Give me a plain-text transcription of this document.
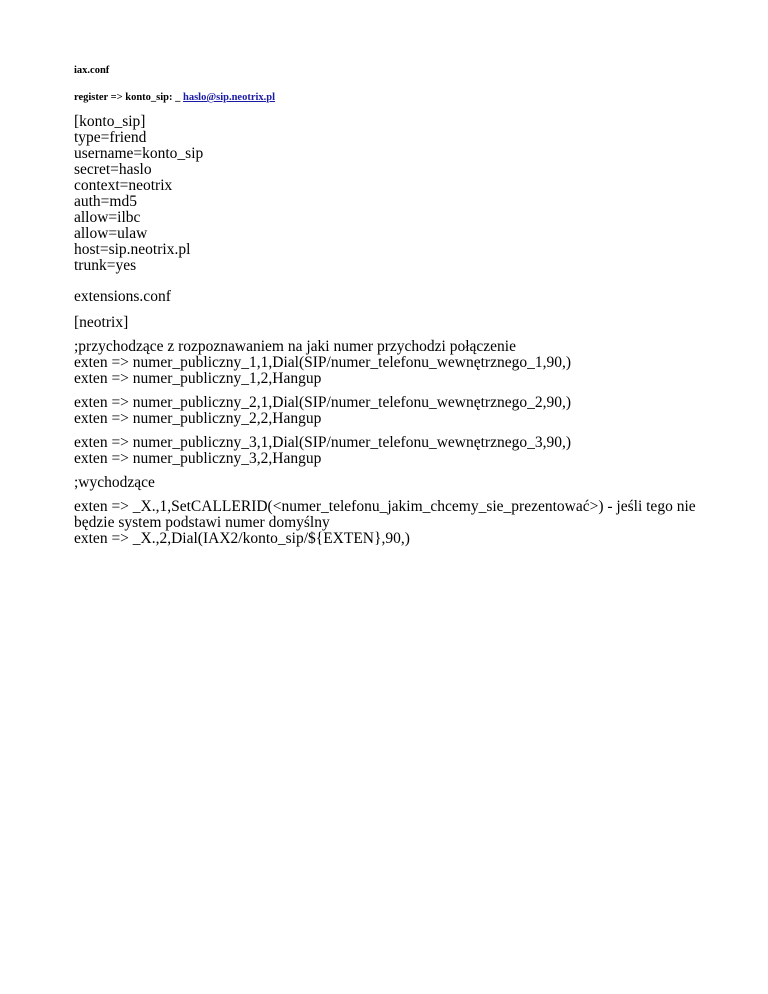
iax.conf

register => konto_sip: _ haslo@sip.neotrix.pl

[konto_sip]
type=friend
username=konto_sip
secret=haslo
context=neotrix
auth=md5
allow=ilbc
allow=ulaw
host=sip.neotrix.pl
trunk=yes
extensions.conf
[neotrix]
;przychodzące z rozpoznawaniem na jaki numer przychodzi połączenie
exten => numer_publiczny_1,1,Dial(SIP/numer_telefonu_wewnętrznego_1,90,)
exten => numer_publiczny_1,2,Hangup
exten => numer_publiczny_2,1,Dial(SIP/numer_telefonu_wewnętrznego_2,90,)
exten => numer_publiczny_2,2,Hangup
exten => numer_publiczny_3,1,Dial(SIP/numer_telefonu_wewnętrznego_3,90,)
exten => numer_publiczny_3,2,Hangup
;wychodzące
exten => _X.,1,SetCALLERID(<numer_telefonu_jakim_chcemy_sie_prezentować>) - jeśli tego nie będzie system podstawi numer domyślny
exten => _X.,2,Dial(IAX2/konto_sip/${EXTEN},90,)
